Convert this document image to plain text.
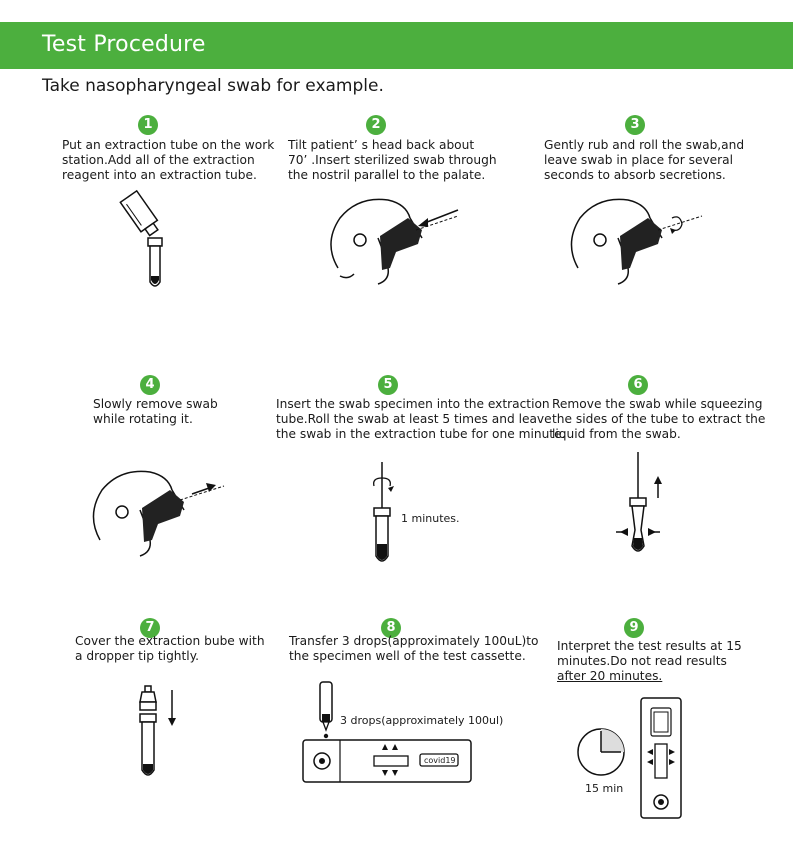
Test Procedure
Take nasopharyngeal swab for example.
1
Put an extraction tube on the work
station.Add all of the extraction
reagent into an extraction tube.
2
Tilt patient’ s head back about
70’ .Insert sterilized swab through
the nostril parallel to the palate.
3
Gently rub and roll the swab,and
leave swab in place for several
seconds to absorb secretions.
4
Slowly remove swab
while rotating it.
5
Insert the swab specimen into the extraction
tube.Roll the swab at least 5 times and leave
the swab in the extraction tube for one minute.
1 minutes.
6
Remove the swab while squeezing
the sides of the tube to extract the
liquid from the swab.
7
Cover the extraction bube with
a dropper tip tightly.
8
Transfer 3 drops(approximately 100uL)to
the specimen well of the test cassette.
3 drops(approximately 100ul)
covid19
9
Interpret the test results at 15
minutes.Do not read results
after 20 minutes.
15 min
